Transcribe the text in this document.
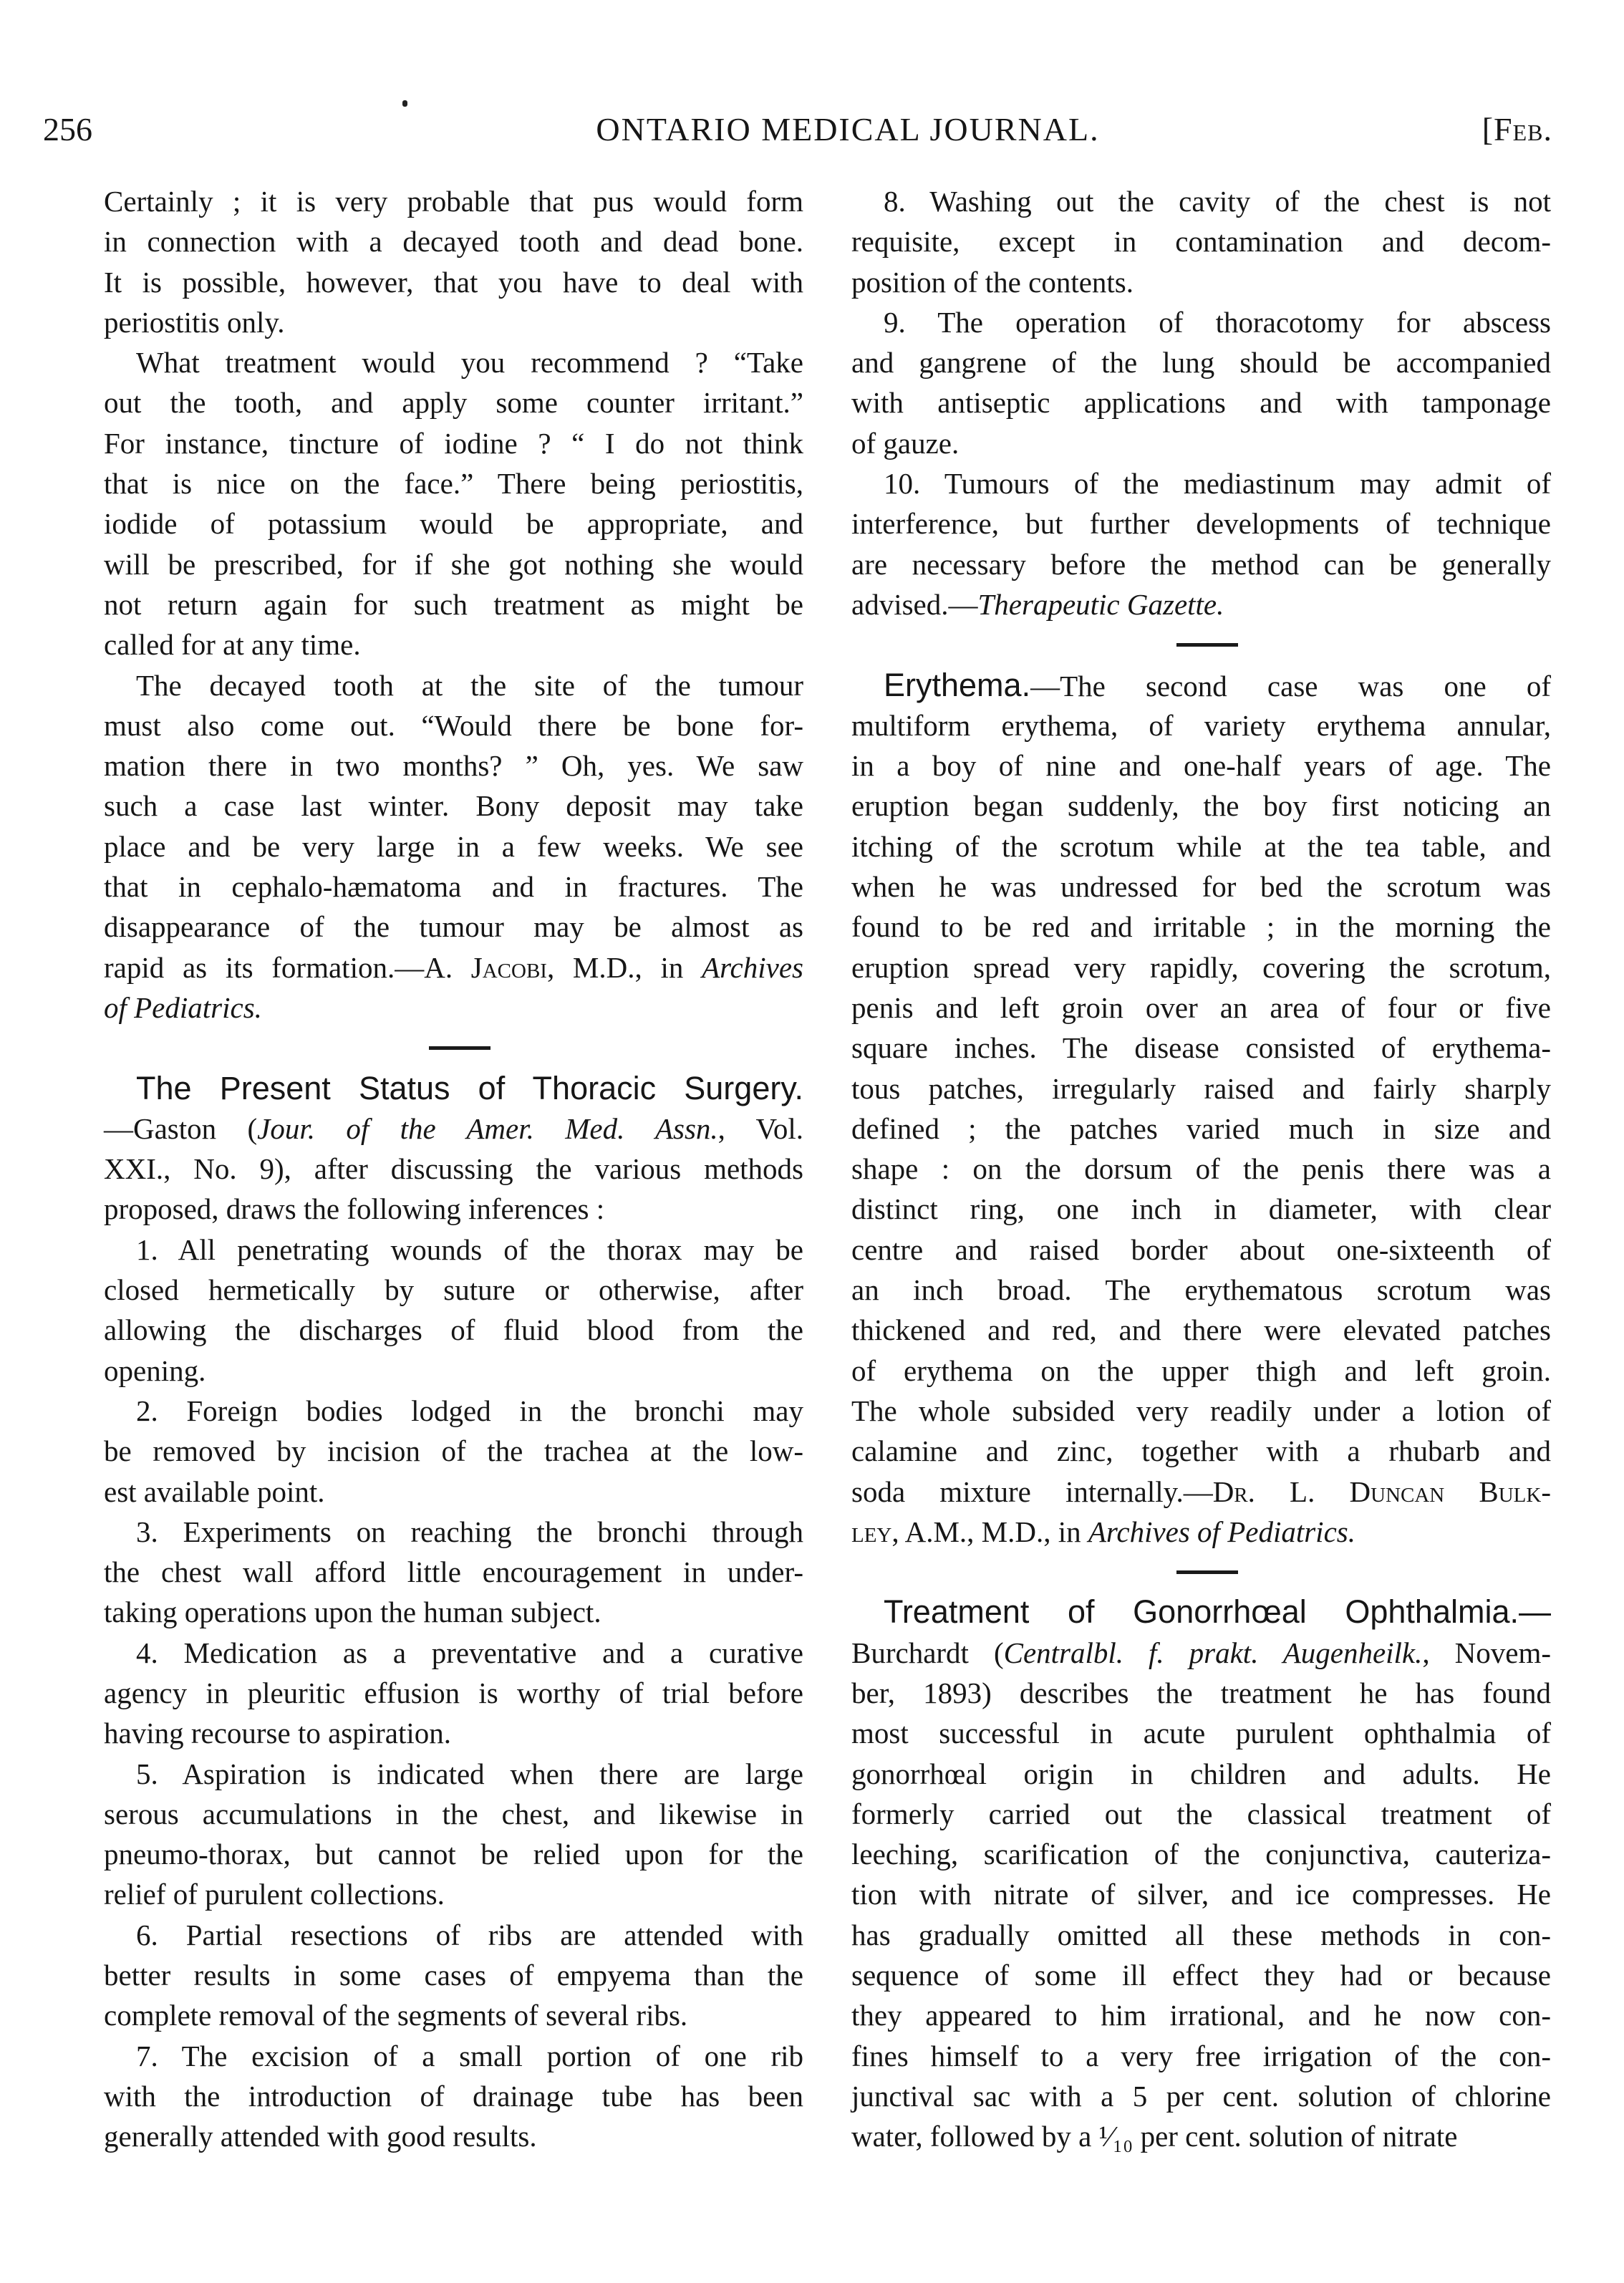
256	ONTARIO MEDICAL JOURNAL.	[Feb.
Certainly ; it is very probable that pus would form
in connection with a decayed tooth and dead bone.
It is possible, however, that you have to deal with
periostitis only.
What treatment would you recommend ? “Take
out the tooth, and apply some counter irritant.”
For instance, tincture of iodine ? “ I do not think
that is nice on the face.” There being periostitis,
iodide of potassium would be appropriate, and
will be prescribed, for if she got nothing she would
not return again for such treatment as might be
called for at any time.
The decayed tooth at the site of the tumour
must also come out. “Would there be bone for-
mation there in two months? ” Oh, yes. We saw
such a case last winter. Bony deposit may take
place and be very large in a few weeks. We see
that in cephalo-hæmatoma and in fractures. The
disappearance of the tumour may be almost as
rapid as its formation.—A. Jacobi, M.D., in Archives
of Pediatrics.
The Present Status of Thoracic Surgery.
—Gaston (Jour. of the Amer. Med. Assn., Vol.
XXI., No. 9), after discussing the various methods
proposed, draws the following inferences :
1. All penetrating wounds of the thorax may be
closed hermetically by suture or otherwise, after
allowing the discharges of fluid blood from the
opening.
2. Foreign bodies lodged in the bronchi may
be removed by incision of the trachea at the low-
est available point.
3. Experiments on reaching the bronchi through
the chest wall afford little encouragement in under-
taking operations upon the human subject.
4. Medication as a preventative and a curative
agency in pleuritic effusion is worthy of trial before
having recourse to aspiration.
5. Aspiration is indicated when there are large
serous accumulations in the chest, and likewise in
pneumo-thorax, but cannot be relied upon for the
relief of purulent collections.
6. Partial resections of ribs are attended with
better results in some cases of empyema than the
complete removal of the segments of several ribs.
7. The excision of a small portion of one rib
with the introduction of drainage tube has been
generally attended with good results.
8. Washing out the cavity of the chest is not
requisite, except in contamination and decom-
position of the contents.
9. The operation of thoracotomy for abscess
and gangrene of the lung should be accompanied
with antiseptic applications and with tamponage
of gauze.
10. Tumours of the mediastinum may admit of
interference, but further developments of technique
are necessary before the method can be generally
advised.—Therapeutic Gazette.
Erythema.—The second case was one of
multiform erythema, of variety erythema annular,
in a boy of nine and one-half years of age. The
eruption began suddenly, the boy first noticing an
itching of the scrotum while at the tea table, and
when he was undressed for bed the scrotum was
found to be red and irritable ; in the morning the
eruption spread very rapidly, covering the scrotum,
penis and left groin over an area of four or five
square inches. The disease consisted of erythema-
tous patches, irregularly raised and fairly sharply
defined ; the patches varied much in size and
shape : on the dorsum of the penis there was a
distinct ring, one inch in diameter, with clear
centre and raised border about one-sixteenth of
an inch broad. The erythematous scrotum was
thickened and red, and there were elevated patches
of erythema on the upper thigh and left groin.
The whole subsided very readily under a lotion of
calamine and zinc, together with a rhubarb and
soda mixture internally.—Dr. L. Duncan Bulk-
ley, A.M., M.D., in Archives of Pediatrics.
Treatment of Gonorrhœal Ophthalmia.—
Burchardt (Centralbl. f. prakt. Augenheilk., Novem-
ber, 1893) describes the treatment he has found
most successful in acute purulent ophthalmia of
gonorrhœal origin in children and adults. He
formerly carried out the classical treatment of
leeching, scarification of the conjunctiva, cauteriza-
tion with nitrate of silver, and ice compresses. He
has gradually omitted all these methods in con-
sequence of some ill effect they had or because
they appeared to him irrational, and he now con-
fines himself to a very free irrigation of the con-
junctival sac with a 5 per cent. solution of chlorine
water, followed by a ¹⁄₁₀ per cent. solution of nitrate
